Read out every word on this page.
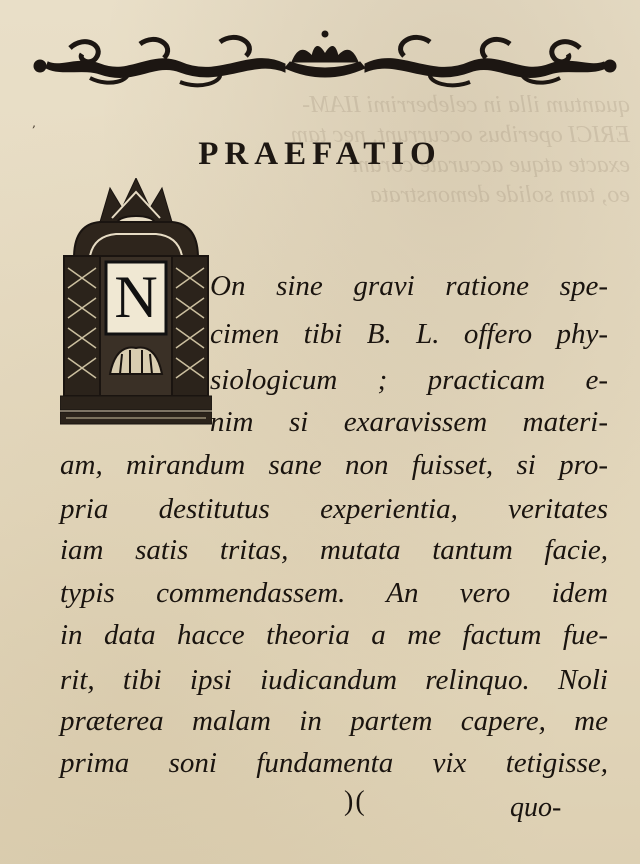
quantum illa in celeberrimi IIAM-
ERICI operibus occurrunt, nec tam
exacte atque accurate coram
eo, tam solide demonstrata
‚
PRAEFATIO
N On sine gravi ratione spe-

cimen tibi B. L. offero phy-

siologicum ; practicam e-

nim si exaravissem materi-

am, mirandum sane non fuisset, si pro-

pria destitutus experientia, veritates

iam satis tritas, mutata tantum facie,

typis commendassem. An vero idem

in data hacce theoria a me factum fue-

rit, tibi ipsi iudicandum relinquo. Noli

præterea malam in partem capere, me

prima soni fundamenta vix tetigisse,

)(	quo-
